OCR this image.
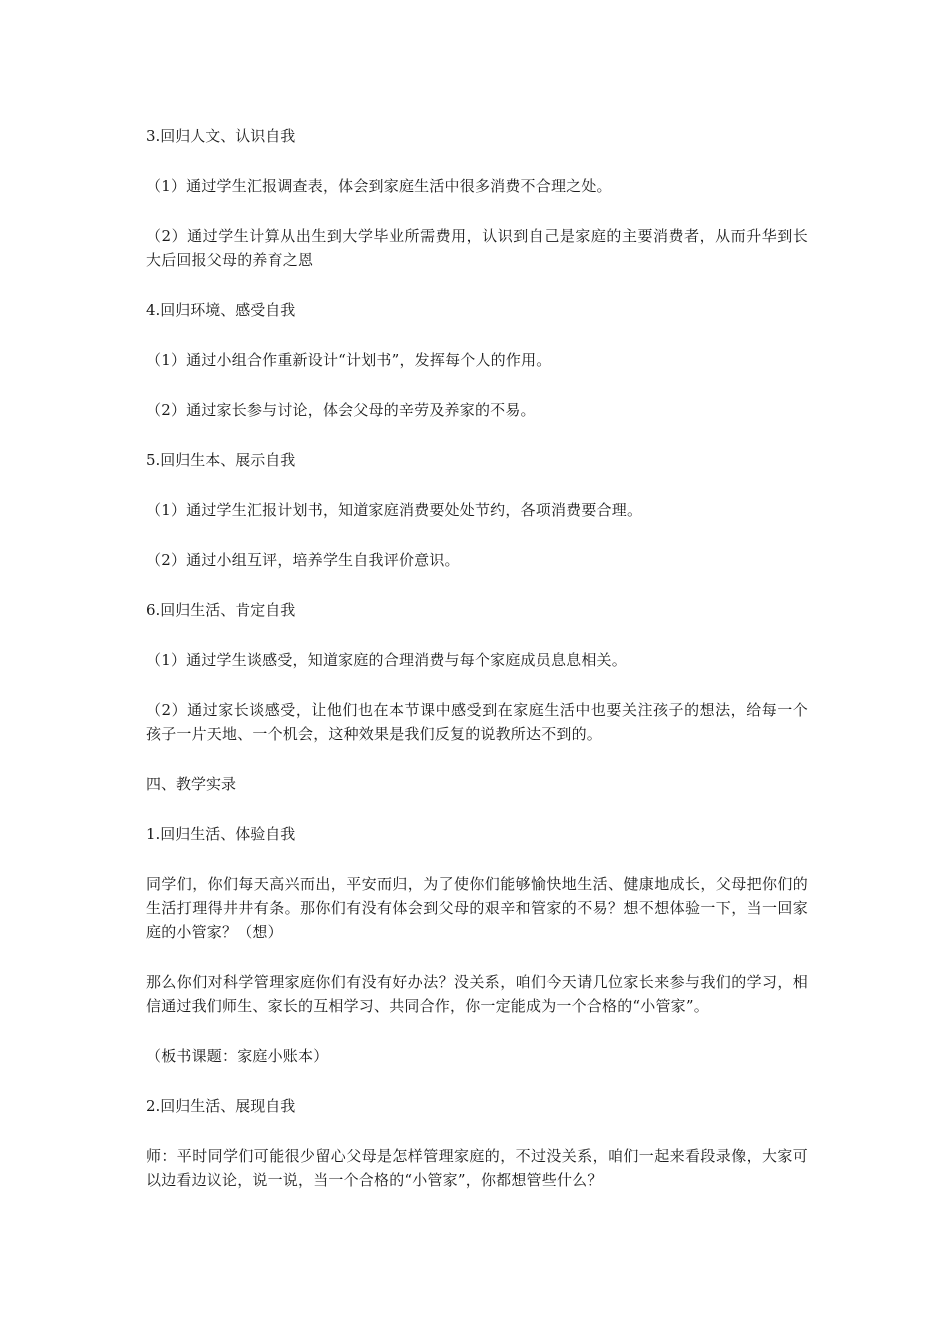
3.回归人文、认识自我

（1）通过学生汇报调查表，体会到家庭生活中很多消费不合理之处。

（2）通过学生计算从出生到大学毕业所需费用，认识到自己是家庭的主要消费者，从而升华到长大后回报父母的养育之恩

4.回归环境、感受自我

（1）通过小组合作重新设计“计划书”，发挥每个人的作用。

（2）通过家长参与讨论，体会父母的辛劳及养家的不易。

5.回归生本、展示自我

（1）通过学生汇报计划书，知道家庭消费要处处节约，各项消费要合理。

（2）通过小组互评，培养学生自我评价意识。

6.回归生活、肯定自我

（1）通过学生谈感受，知道家庭的合理消费与每个家庭成员息息相关。

（2）通过家长谈感受，让他们也在本节课中感受到在家庭生活中也要关注孩子的想法，给每一个孩子一片天地、一个机会，这种效果是我们反复的说教所达不到的。

四、教学实录

1.回归生活、体验自我

同学们，你们每天高兴而出，平安而归，为了使你们能够愉快地生活、健康地成长，父母把你们的生活打理得井井有条。那你们有没有体会到父母的艰辛和管家的不易？想不想体验一下，当一回家庭的小管家？（想）

那么你们对科学管理家庭你们有没有好办法？没关系，咱们今天请几位家长来参与我们的学习，相信通过我们师生、家长的互相学习、共同合作，你一定能成为一个合格的“小管家”。

（板书课题：家庭小账本）

2.回归生活、展现自我

师：平时同学们可能很少留心父母是怎样管理家庭的，不过没关系，咱们一起来看段录像，大家可以边看边议论，说一说，当一个合格的“小管家”，你都想管些什么？
